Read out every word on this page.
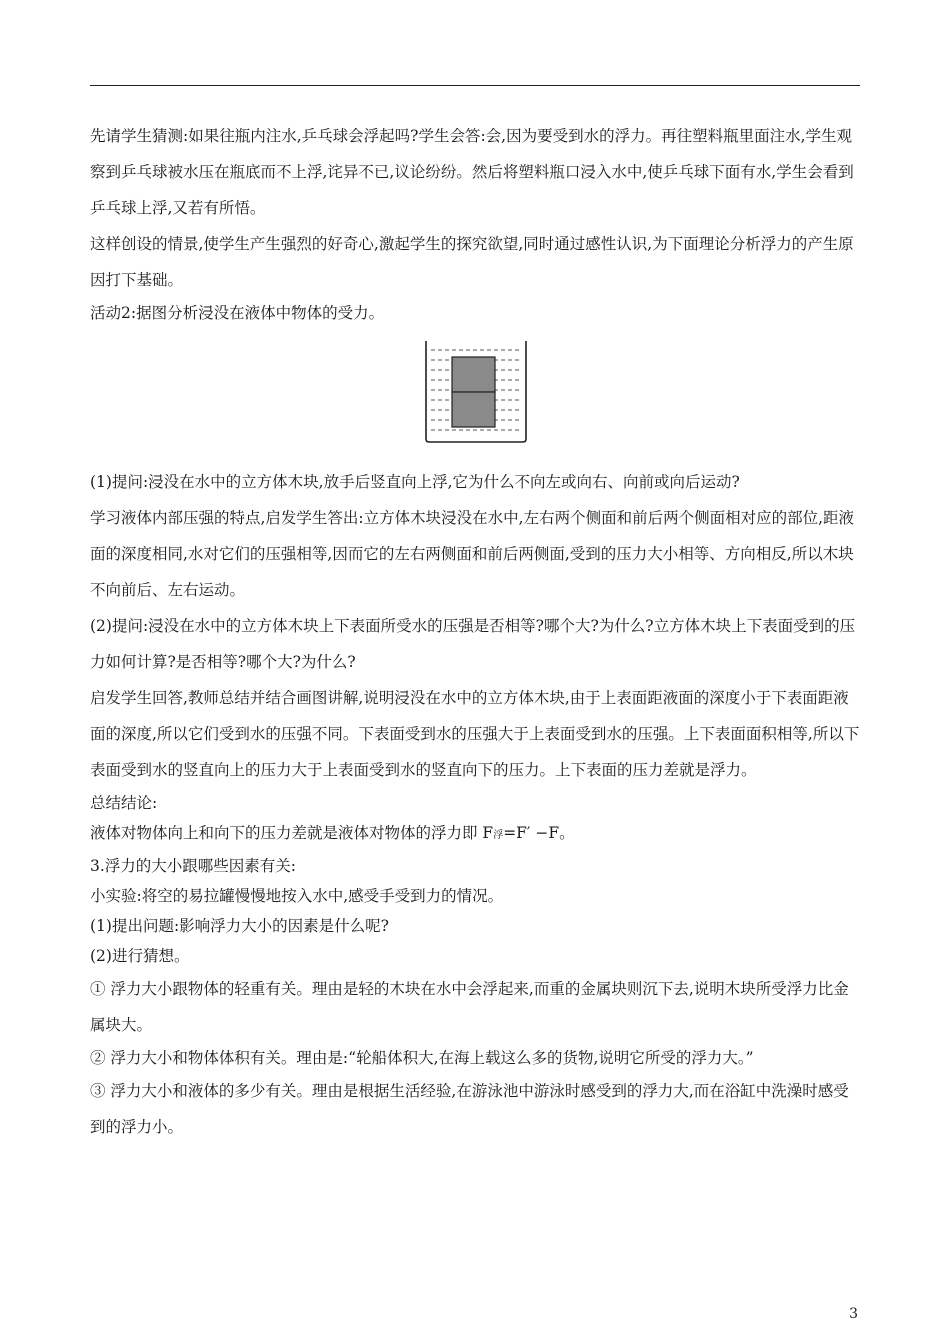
先请学生猜测:如果往瓶内注水,乒乓球会浮起吗?学生会答:会,因为要受到水的浮力。再往塑料瓶里面注水,学生观察到乒乓球被水压在瓶底而不上浮,诧异不已,议论纷纷。然后将塑料瓶口浸入水中,使乒乓球下面有水,学生会看到乒乓球上浮,又若有所悟。

这样创设的情景,使学生产生强烈的好奇心,激起学生的探究欲望,同时通过感性认识,为下面理论分析浮力的产生原因打下基础。

活动2:据图分析浸没在液体中物体的受力。

(1)提问:浸没在水中的立方体木块,放手后竖直向上浮,它为什么不向左或向右、向前或向后运动?

学习液体内部压强的特点,启发学生答出:立方体木块浸没在水中,左右两个侧面和前后两个侧面相对应的部位,距液面的深度相同,水对它们的压强相等,因而它的左右两侧面和前后两侧面,受到的压力大小相等、方向相反,所以木块不向前后、左右运动。

(2)提问:浸没在水中的立方体木块上下表面所受水的压强是否相等?哪个大?为什么?立方体木块上下表面受到的压力如何计算?是否相等?哪个大?为什么?

启发学生回答,教师总结并结合画图讲解,说明浸没在水中的立方体木块,由于上表面距液面的深度小于下表面距液面的深度,所以它们受到水的压强不同。下表面受到水的压强大于上表面受到水的压强。上下表面面积相等,所以下表面受到水的竖直向上的压力大于上表面受到水的竖直向下的压力。上下表面的压力差就是浮力。

总结结论:

液体对物体向上和向下的压力差就是液体对物体的浮力即 F浮=F′ −F。

3.浮力的大小跟哪些因素有关:

小实验:将空的易拉罐慢慢地按入水中,感受手受到力的情况。

(1)提出问题:影响浮力大小的因素是什么呢?

(2)进行猜想。

① 浮力大小跟物体的轻重有关。理由是轻的木块在水中会浮起来,而重的金属块则沉下去,说明木块所受浮力比金属块大。

② 浮力大小和物体体积有关。理由是:“轮船体积大,在海上载这么多的货物,说明它所受的浮力大。”

③ 浮力大小和液体的多少有关。理由是根据生活经验,在游泳池中游泳时感受到的浮力大,而在浴缸中洗澡时感受到的浮力小。

3
